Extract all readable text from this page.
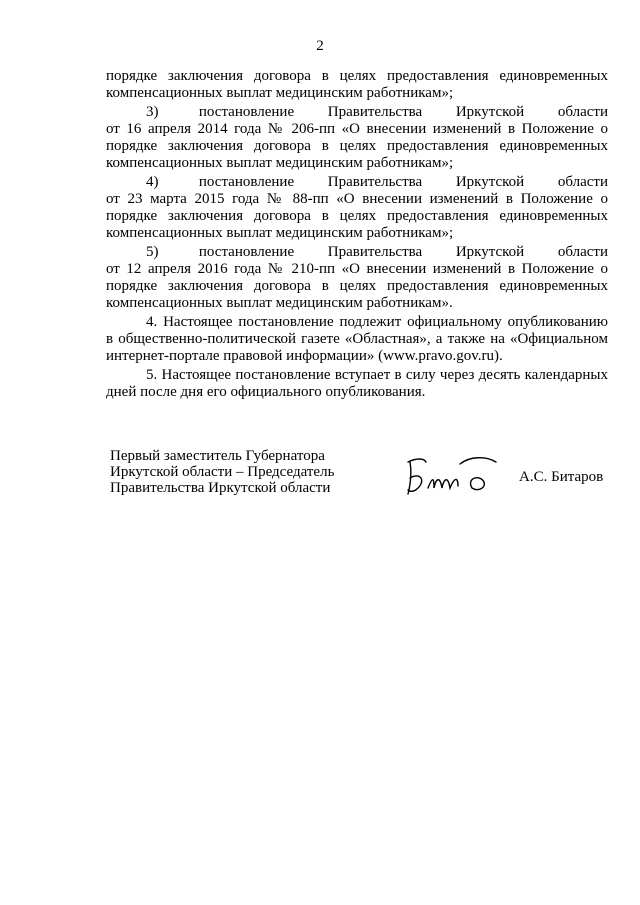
2
порядке заключения договора в целях предоставления единовременных
компенсационных выплат медицинским работникам»;
3)      постановление     Правительства     Иркутской     области
от 16 апреля 2014 года № 206-пп «О внесении изменений в Положение о
порядке заключения договора в целях предоставления единовременных
компенсационных выплат медицинским работникам»;
4)      постановление     Правительства     Иркутской     области
от 23 марта 2015 года № 88-пп «О внесении изменений в Положение о
порядке заключения договора в целях предоставления единовременных
компенсационных выплат медицинским работникам»;
5)      постановление     Правительства     Иркутской     области
от 12 апреля 2016 года № 210-пп «О внесении изменений в Положение о
порядке заключения договора в целях предоставления единовременных
компенсационных выплат медицинским работникам».
4. Настоящее постановление подлежит официальному опубликованию
в общественно-политической газете «Областная», а также на «Официальном
интернет-портале правовой информации» (www.pravo.gov.ru).
5. Настоящее постановление вступает в силу через десять календарных
дней после дня его официального опубликования.
Первый заместитель Губернатора
Иркутской области – Председатель
Правительства Иркутской области
А.С. Битаров
